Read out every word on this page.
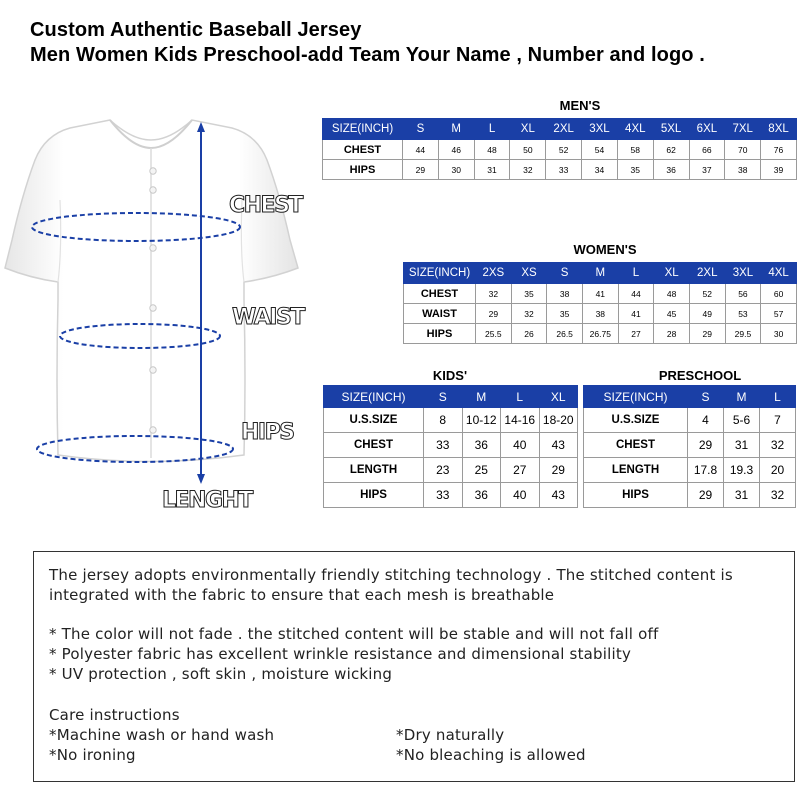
Custom Authentic Baseball Jersey
Men Women Kids Preschool-add Team Your Name , Number and logo .
CHEST
WAIST
HIPS
LENGHT
MEN'S
WOMEN'S
KIDS'	PRESCHOOL
SIZE(INCH)	S	M	L	XL	2XL	3XL	4XL	5XL	6XL	7XL	8XL
CHEST	44	46	48	50	52	54	58	62	66	70	76
HIPS	29	30	31	32	33	34	35	36	37	38	39
SIZE(INCH)	2XS	XS	S	M	L	XL	2XL	3XL	4XL
CHEST	32	35	38	41	44	48	52	56	60
WAIST	29	32	35	38	41	45	49	53	57
HIPS	25.5	26	26.5	26.75	27	28	29	29.5	30
SIZE(INCH)	S	M	L	XL
U.S.SIZE	8	10-12	14-16	18-20
CHEST	33	36	40	43
LENGTH	23	25	27	29
HIPS	33	36	40	43
SIZE(INCH)	S	M	L
U.S.SIZE	4	5-6	7
CHEST	29	31	32
LENGTH	17.8	19.3	20
HIPS	29	31	32
The jersey adopts environmentally friendly stitching technology . The stitched content is
integrated with the fabric to ensure that each mesh is breathable
* The color will not fade . the stitched content will be stable and will not fall off
* Polyester fabric has excellent wrinkle resistance and dimensional stability
* UV protection , soft skin , moisture wicking
Care instructions
*Machine wash or hand wash	*Dry naturally
*No ironing	*No bleaching is allowed
